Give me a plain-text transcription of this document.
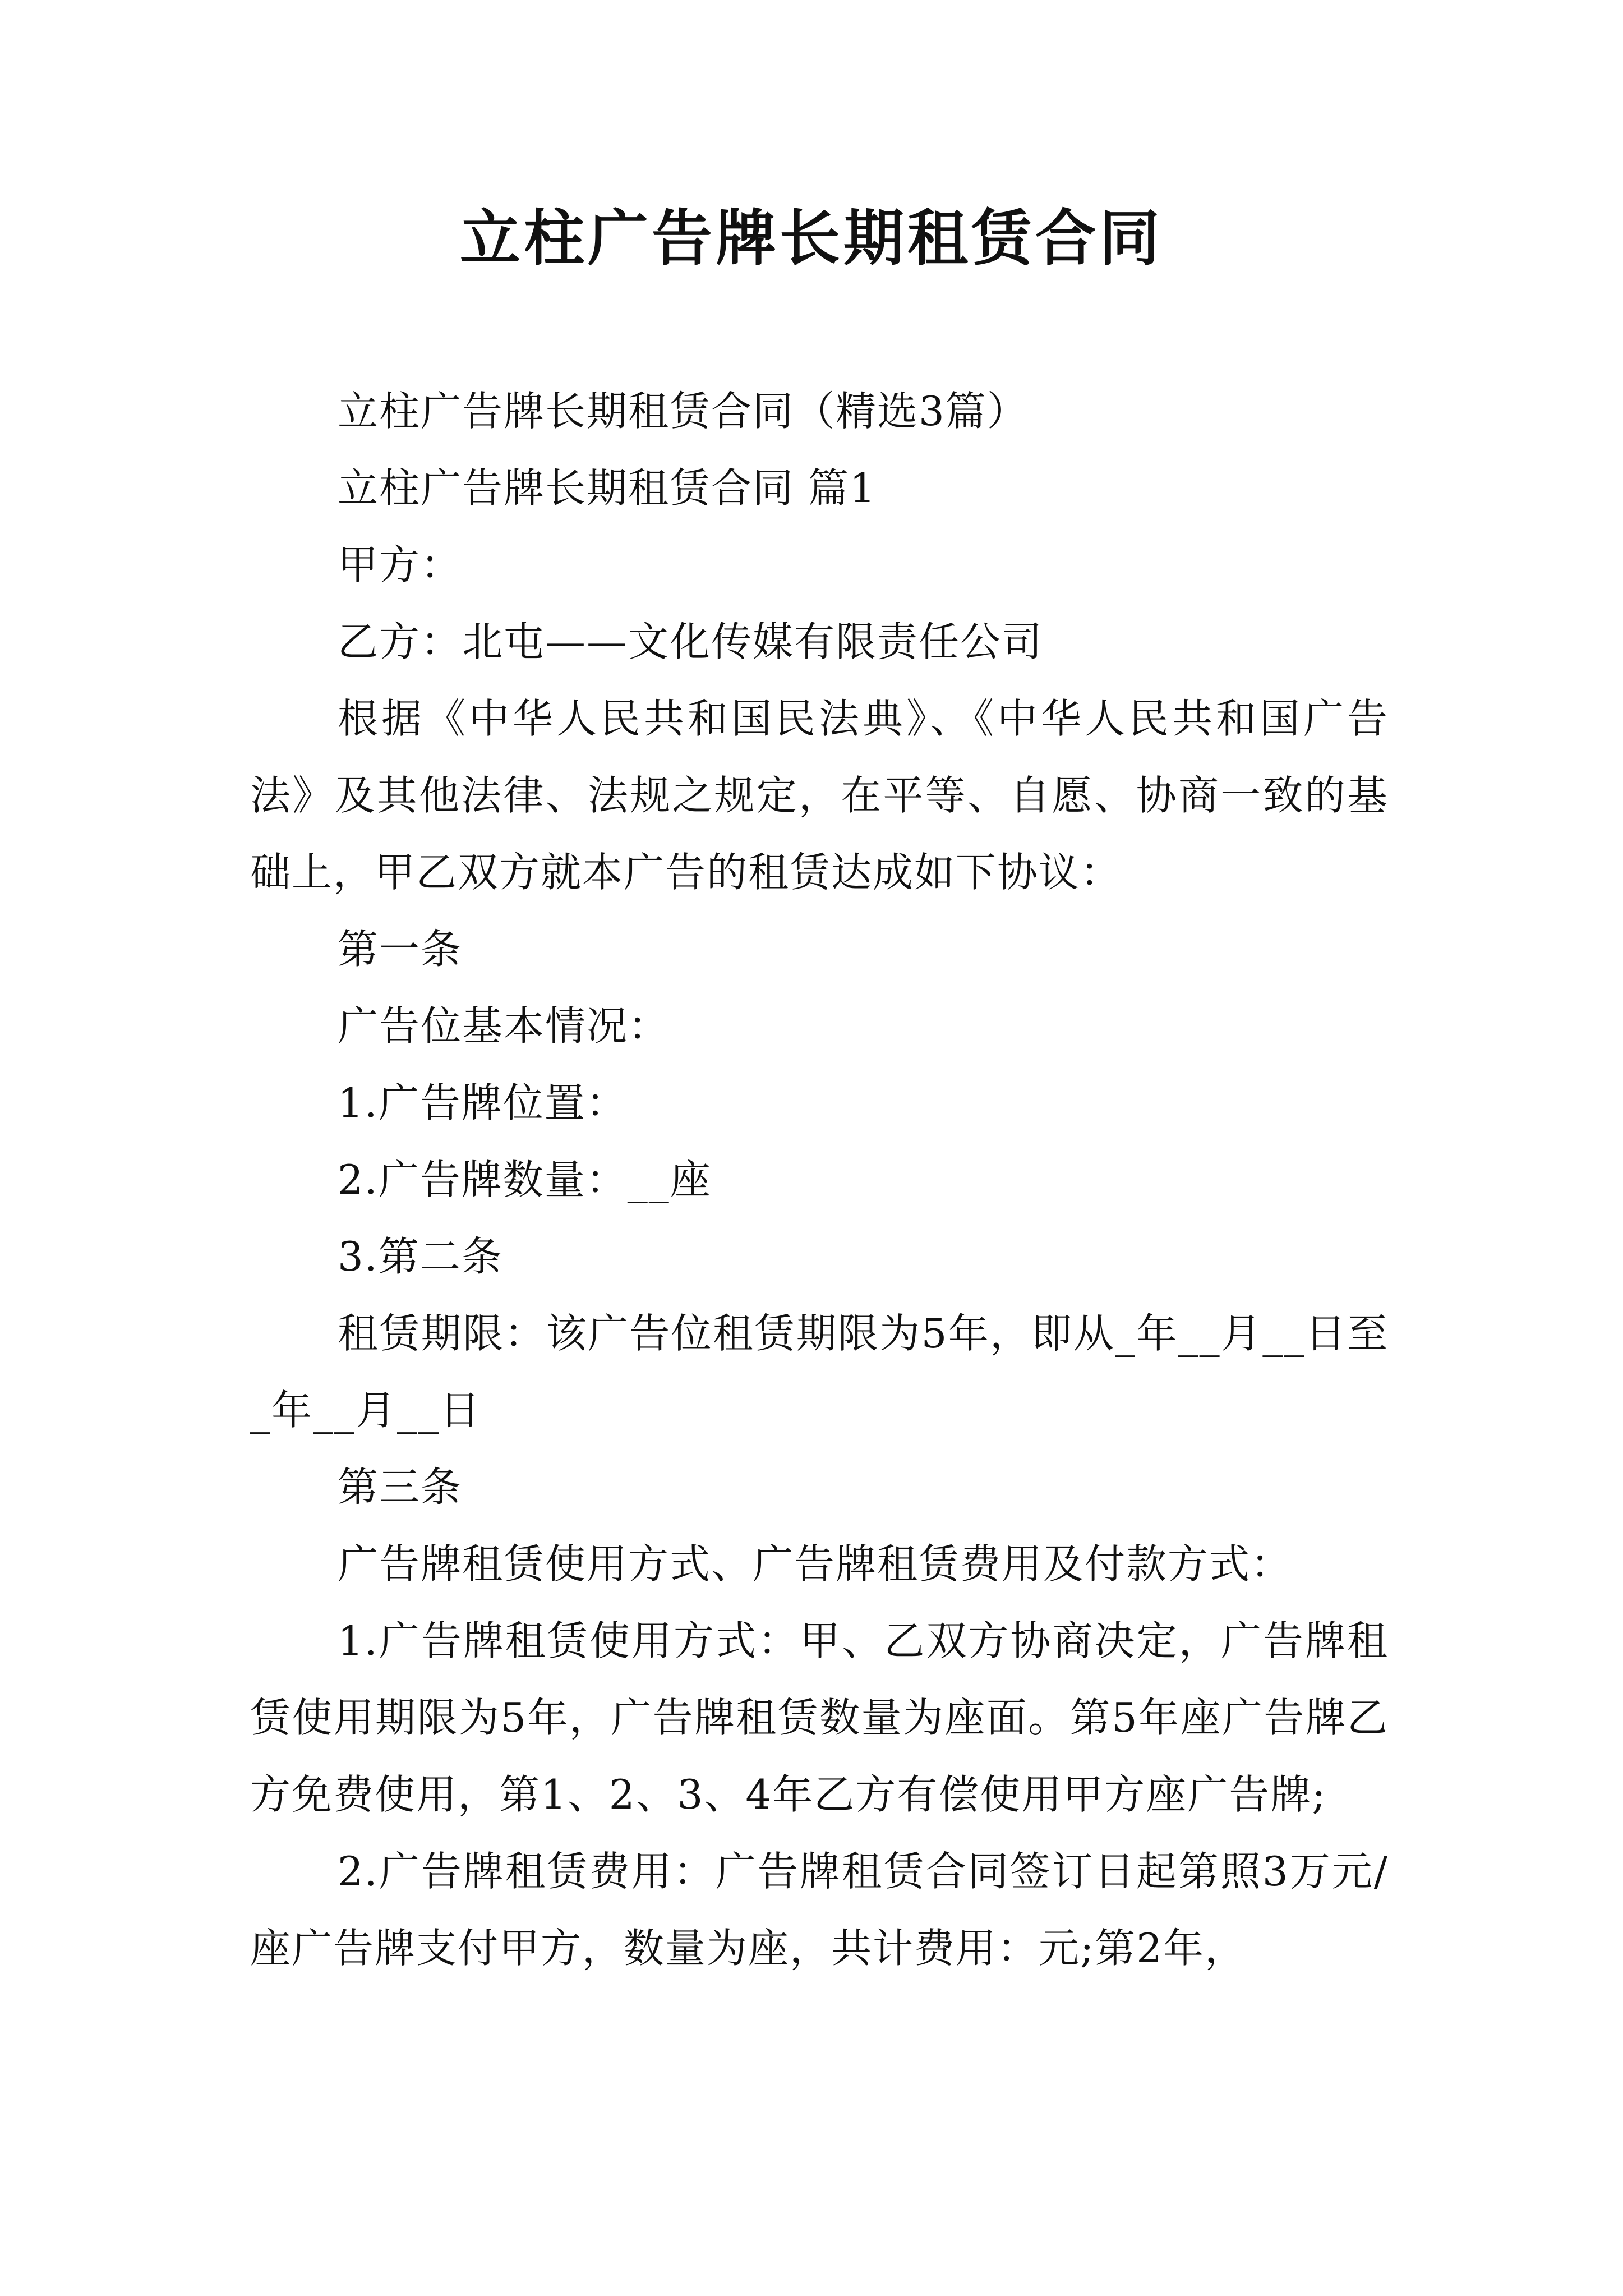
立柱广告牌长期租赁合同

立柱广告牌长期租赁合同（精选3篇）

立柱广告牌长期租赁合同 篇1

甲方：

乙方：北屯——文化传媒有限责任公司

根据《中华人民共和国民法典》、《中华人民共和国广告法》及其他法律、法规之规定，在平等、自愿、协商一致的基础上，甲乙双方就本广告的租赁达成如下协议：

第一条

广告位基本情况：

1.广告牌位置：

2.广告牌数量：__座

3.第二条

租赁期限：该广告位租赁期限为5年，即从_年__月__日至_年__月__日

第三条

广告牌租赁使用方式、广告牌租赁费用及付款方式：

1.广告牌租赁使用方式：甲、乙双方协商决定，广告牌租赁使用期限为5年，广告牌租赁数量为座面。第5年座广告牌乙方免费使用，第1、2、3、4年乙方有偿使用甲方座广告牌;

2.广告牌租赁费用：广告牌租赁合同签订日起第照3万元/座广告牌支付甲方，数量为座，共计费用：元;第2年，
